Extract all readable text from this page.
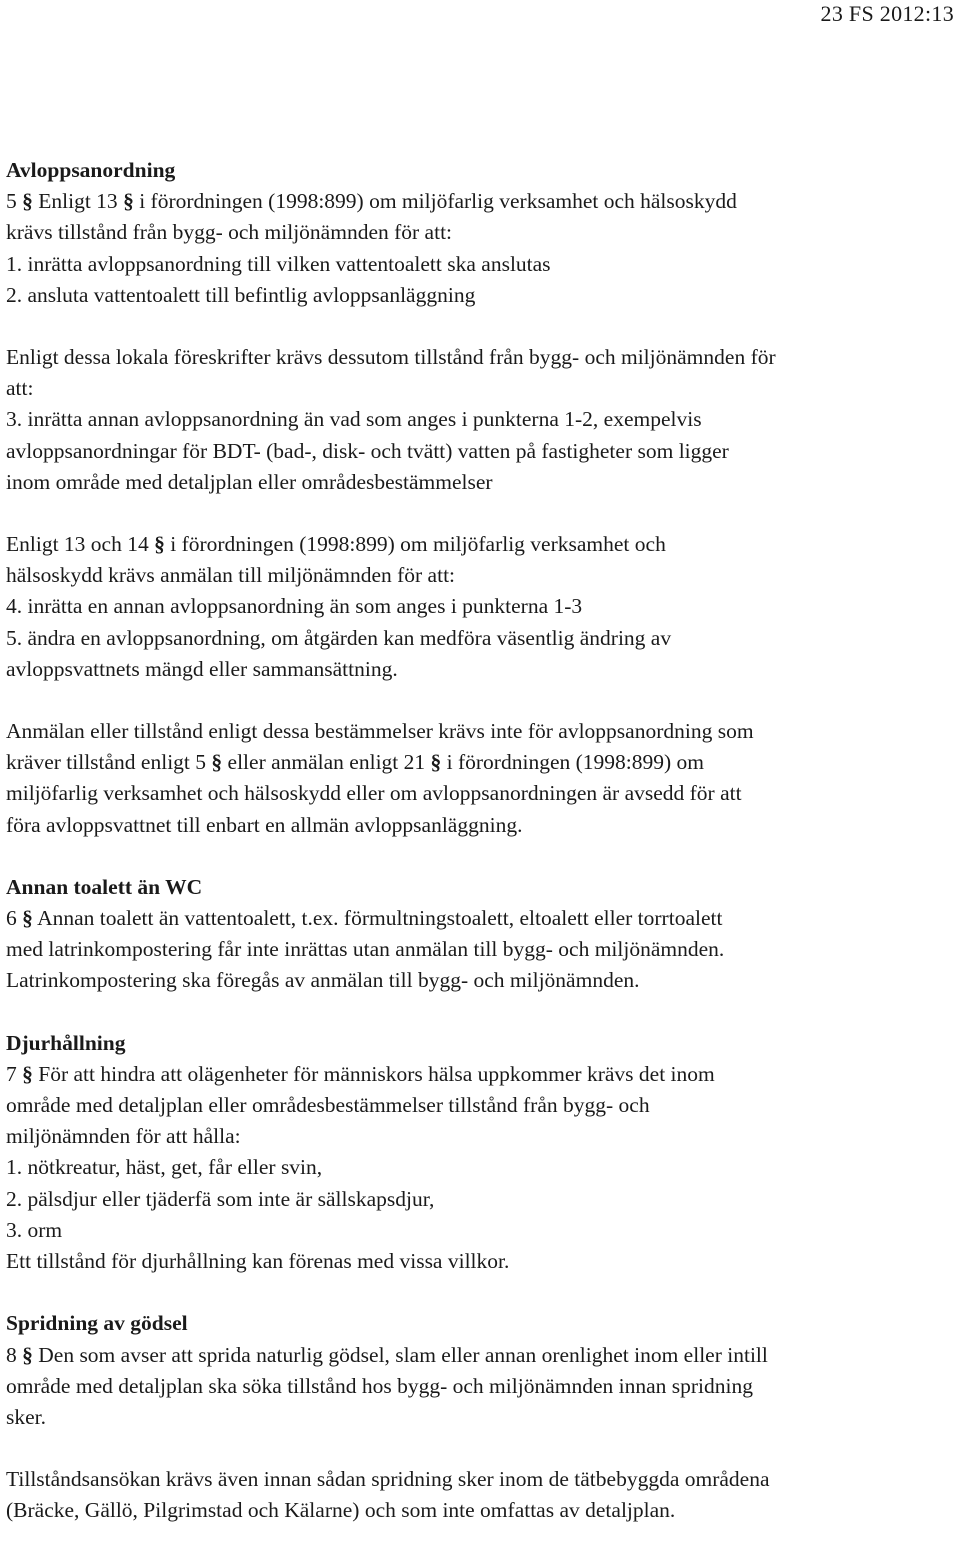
23 FS 2012:13
Avloppsanordning
5 § Enligt 13 § i förordningen (1998:899) om miljöfarlig verksamhet och hälsoskydd
krävs tillstånd från bygg- och miljönämnden för att:
1. inrätta avloppsanordning till vilken vattentoalett ska anslutas
2. ansluta vattentoalett till befintlig avloppsanläggning
Enligt dessa lokala föreskrifter krävs dessutom tillstånd från bygg- och miljönämnden för
att:
3. inrätta annan avloppsanordning än vad som anges i punkterna 1-2, exempelvis
avloppsanordningar för BDT- (bad-, disk- och tvätt) vatten på fastigheter som ligger
inom område med detaljplan eller områdesbestämmelser
Enligt 13 och 14 § i förordningen (1998:899) om miljöfarlig verksamhet och
hälsoskydd krävs anmälan till miljönämnden för att:
4. inrätta en annan avloppsanordning än som anges i punkterna 1-3
5. ändra en avloppsanordning, om åtgärden kan medföra väsentlig ändring av
avloppsvattnets mängd eller sammansättning.
Anmälan eller tillstånd enligt dessa bestämmelser krävs inte för avloppsanordning som
kräver tillstånd enligt 5 § eller anmälan enligt 21 § i förordningen (1998:899) om
miljöfarlig verksamhet och hälsoskydd eller om avloppsanordningen är avsedd för att
föra avloppsvattnet till enbart en allmän avloppsanläggning.
Annan toalett än WC
6 § Annan toalett än vattentoalett, t.ex. förmultningstoalett, eltoalett eller torrtoalett
med latrinkompostering får inte inrättas utan anmälan till bygg- och miljönämnden.
Latrinkompostering ska föregås av anmälan till bygg- och miljönämnden.
Djurhållning
7 § För att hindra att olägenheter för människors hälsa uppkommer krävs det inom
område med detaljplan eller områdesbestämmelser tillstånd från bygg- och
miljönämnden för att hålla:
1. nötkreatur, häst, get, får eller svin,
2. pälsdjur eller tjäderfä som inte är sällskapsdjur,
3. orm
Ett tillstånd för djurhållning kan förenas med vissa villkor.
Spridning av gödsel
8 § Den som avser att sprida naturlig gödsel, slam eller annan orenlighet inom eller intill
område med detaljplan ska söka tillstånd hos bygg- och miljönämnden innan spridning
sker.
Tillståndsansökan krävs även innan sådan spridning sker inom de tätbebyggda områdena
(Bräcke, Gällö, Pilgrimstad och Kälarne) och som inte omfattas av detaljplan.
